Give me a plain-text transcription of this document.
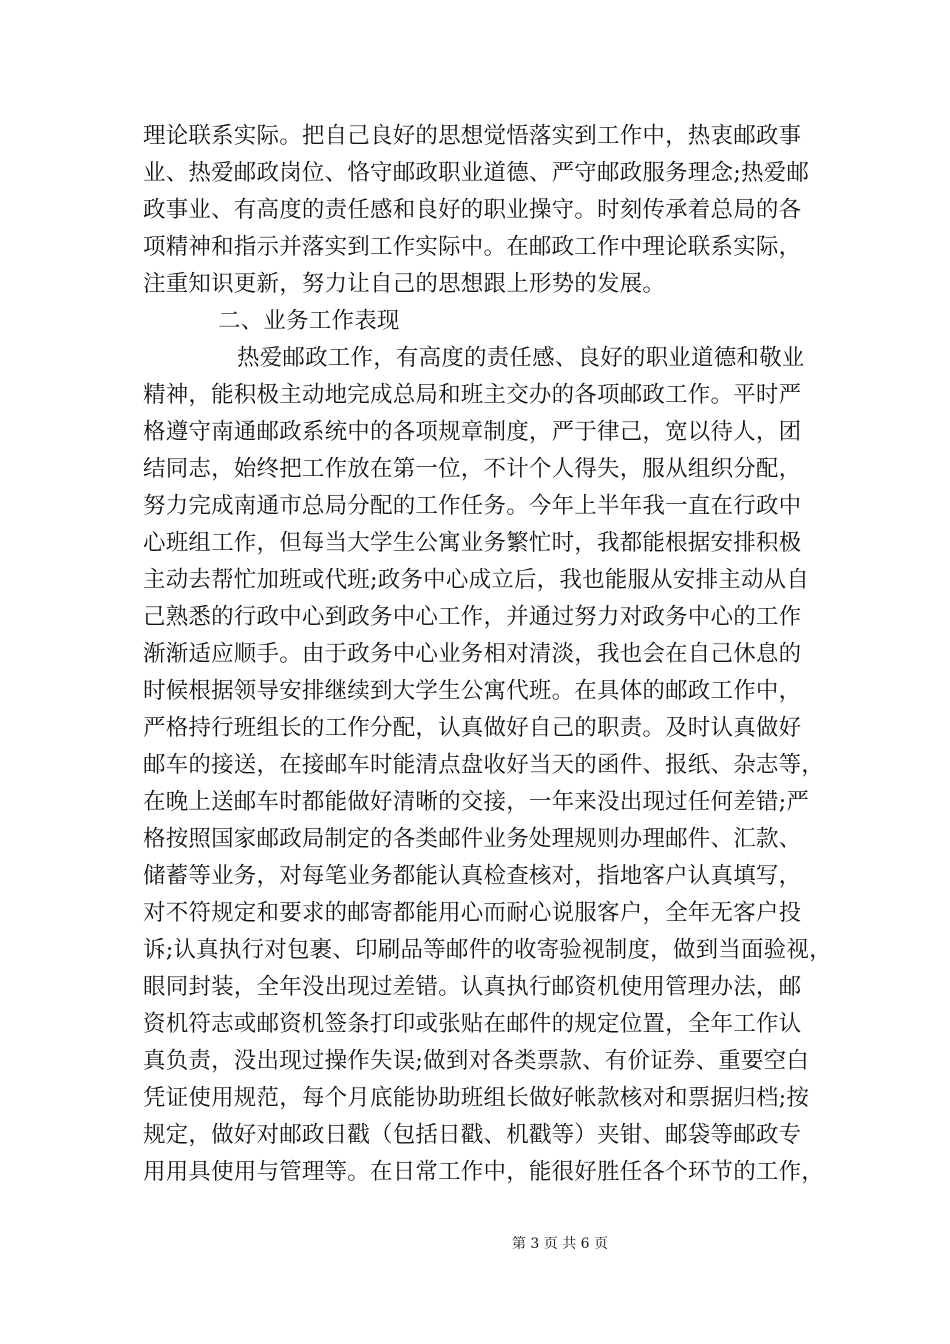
理论联系实际。把自己良好的思想觉悟落实到工作中，热衷邮政事
业、热爱邮政岗位、恪守邮政职业道德、严守邮政服务理念;热爱邮
政事业、有高度的责任感和良好的职业操守。时刻传承着总局的各
项精神和指示并落实到工作实际中。在邮政工作中理论联系实际，
注重知识更新，努力让自己的思想跟上形势的发展。
二、业务工作表现
热爱邮政工作，有高度的责任感、良好的职业道德和敬业
精神，能积极主动地完成总局和班主交办的各项邮政工作。平时严
格遵守南通邮政系统中的各项规章制度，严于律己，宽以待人，团
结同志，始终把工作放在第一位，不计个人得失，服从组织分配，
努力完成南通市总局分配的工作任务。今年上半年我一直在行政中
心班组工作，但每当大学生公寓业务繁忙时，我都能根据安排积极
主动去帮忙加班或代班;政务中心成立后，我也能服从安排主动从自
己熟悉的行政中心到政务中心工作，并通过努力对政务中心的工作
渐渐适应顺手。由于政务中心业务相对清淡，我也会在自己休息的
时候根据领导安排继续到大学生公寓代班。在具体的邮政工作中，
严格持行班组长的工作分配，认真做好自己的职责。及时认真做好
邮车的接送，在接邮车时能清点盘收好当天的函件、报纸、杂志等，
在晚上送邮车时都能做好清晰的交接，一年来没出现过任何差错;严
格按照国家邮政局制定的各类邮件业务处理规则办理邮件、汇款、
储蓄等业务，对每笔业务都能认真检查核对，指地客户认真填写，
对不符规定和要求的邮寄都能用心而耐心说服客户，全年无客户投
诉;认真执行对包裹、印刷品等邮件的收寄验视制度，做到当面验视，
眼同封装，全年没出现过差错。认真执行邮资机使用管理办法，邮
资机符志或邮资机签条打印或张贴在邮件的规定位置，全年工作认
真负责，没出现过操作失误;做到对各类票款、有价证券、重要空白
凭证使用规范，每个月底能协助班组长做好帐款核对和票据归档;按
规定，做好对邮政日戳（包括日戳、机戳等）夹钳、邮袋等邮政专
用用具使用与管理等。在日常工作中，能很好胜任各个环节的工作，
第 3 页 共 6 页
